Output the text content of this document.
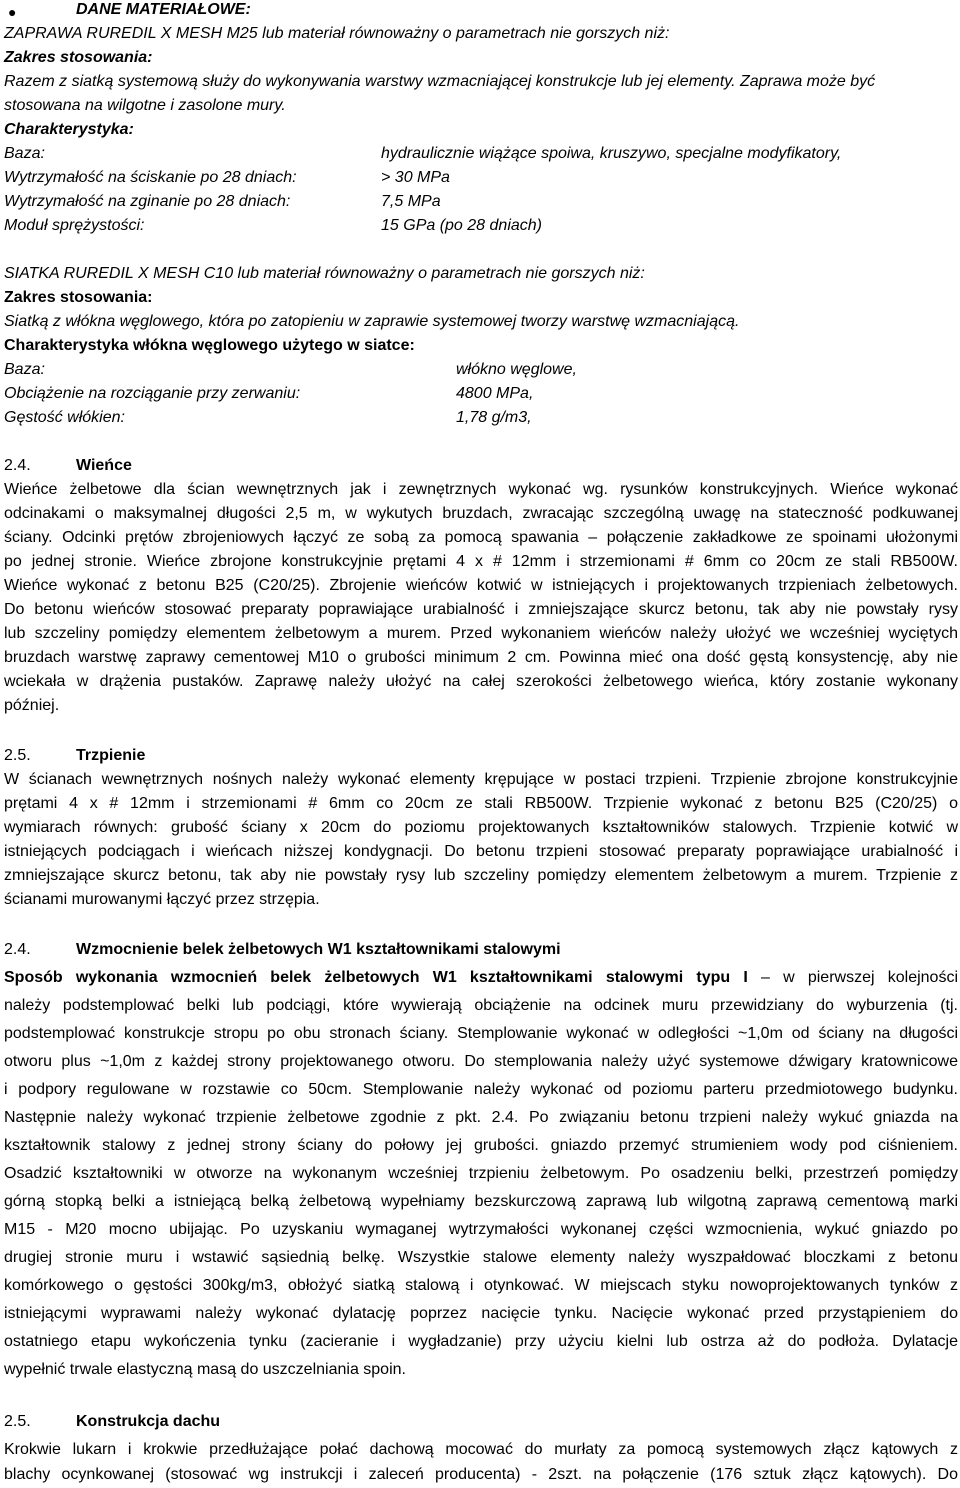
●	DANE MATERIAŁOWE:
ZAPRAWA RUREDIL X MESH M25 lub materiał równoważny o parametrach nie gorszych niż:
Zakres stosowania:
Razem z siatką systemową służy do wykonywania warstwy wzmacniającej konstrukcje lub jej elementy. Zaprawa może być
stosowana na wilgotne i zasolone mury.
Charakterystyka:
Baza:	hydraulicznie wiążące spoiwa, kruszywo, specjalne modyfikatory,
Wytrzymałość na ściskanie po 28 dniach:	> 30 MPa
Wytrzymałość na zginanie po 28 dniach:	7,5 MPa
Moduł sprężystości:	15 GPa (po 28 dniach)
SIATKA RUREDIL X MESH C10 lub materiał równoważny o parametrach nie gorszych niż:
Zakres stosowania:
Siatką z włókna węglowego, która po zatopieniu w zaprawie systemowej tworzy warstwę wzmacniającą.
Charakterystyka włókna węglowego użytego w siatce:
Baza:	włókno węglowe,
Obciążenie na rozciąganie przy zerwaniu:	4800 MPa,
Gęstość włókien:	1,78 g/m3,
2.4.	Wieńce
Wieńce żelbetowe dla ścian wewnętrznych jak i zewnętrznych wykonać wg. rysunków konstrukcyjnych. Wieńce wykonać
odcinakami o maksymalnej długości 2,5 m, w wykutych bruzdach, zwracając szczególną uwagę na stateczność podkuwanej
ściany. Odcinki prętów zbrojeniowych łączyć ze sobą za pomocą spawania – połączenie zakładkowe ze spoinami ułożonymi
po jednej stronie. Wieńce zbrojone konstrukcyjnie prętami 4 x # 12mm i strzemionami # 6mm co 20cm ze stali RB500W.
Wieńce wykonać z betonu B25 (C20/25). Zbrojenie wieńców kotwić w istniejących i projektowanych trzpieniach żelbetowych.
Do betonu wieńców stosować preparaty poprawiające urabialność i zmniejszające skurcz betonu, tak aby nie powstały rysy
lub szczeliny pomiędzy elementem żelbetowym a murem. Przed wykonaniem wieńców należy ułożyć we wcześniej wyciętych
bruzdach warstwę zaprawy cementowej M10 o grubości minimum 2 cm. Powinna mieć ona dość gęstą konsystencję, aby nie
wciekała w drążenia pustaków. Zaprawę należy ułożyć na całej szerokości żelbetowego wieńca, który zostanie wykonany
później.
2.5.	Trzpienie
W ścianach wewnętrznych nośnych należy wykonać elementy krępujące w postaci trzpieni. Trzpienie zbrojone konstrukcyjnie
prętami 4 x # 12mm i strzemionami # 6mm co 20cm ze stali RB500W. Trzpienie wykonać z betonu B25 (C20/25) o
wymiarach równych: grubość ściany x 20cm do poziomu projektowanych kształtowników stalowych. Trzpienie kotwić w
istniejących podciągach i wieńcach niższej kondygnacji. Do betonu trzpieni stosować preparaty poprawiające urabialność i
zmniejszające skurcz betonu, tak aby nie powstały rysy lub szczeliny pomiędzy elementem żelbetowym a murem. Trzpienie z
ścianami murowanymi łączyć przez strzępia.
2.4.	Wzmocnienie belek żelbetowych W1 kształtownikami stalowymi
Sposób wykonania wzmocnień belek żelbetowych W1 kształtownikami stalowymi typu I – w pierwszej kolejności
należy podstemplować belki lub podciągi, które wywierają obciążenie na odcinek muru przewidziany do wyburzenia (tj.
podstemplować konstrukcje stropu po obu stronach ściany. Stemplowanie wykonać w odległości ~1,0m od ściany na długości
otworu plus ~1,0m z każdej strony projektowanego otworu. Do stemplowania należy użyć systemowe dźwigary kratownicowe
i podpory regulowane w rozstawie co 50cm. Stemplowanie należy wykonać od poziomu parteru przedmiotowego budynku.
Następnie należy wykonać trzpienie żelbetowe zgodnie z pkt. 2.4. Po związaniu betonu trzpieni należy wykuć gniazda na
kształtownik stalowy z jednej strony ściany do połowy jej grubości. gniazdo przemyć strumieniem wody pod ciśnieniem.
Osadzić kształtowniki w otworze na wykonanym wcześniej trzpieniu żelbetowym. Po osadzeniu belki, przestrzeń pomiędzy
górną stopką belki a istniejącą belką żelbetową wypełniamy bezskurczową zaprawą lub wilgotną zaprawą cementową marki
M15 - M20 mocno ubijając. Po uzyskaniu wymaganej wytrzymałości wykonanej części wzmocnienia, wykuć gniazdo po
drugiej stronie muru i wstawić sąsiednią belkę. Wszystkie stalowe elementy należy wyszpałdować bloczkami z betonu
komórkowego o gęstości 300kg/m3, obłożyć siatką stalową i otynkować. W miejscach styku nowoprojektowanych tynków z
istniejącymi wyprawami należy wykonać dylatację poprzez nacięcie tynku. Nacięcie wykonać przed przystąpieniem do
ostatniego etapu wykończenia tynku (zacieranie i wygładzanie) przy użyciu kielni lub ostrza aż do podłoża. Dylatacje
wypełnić trwale elastyczną masą do uszczelniania spoin.
2.5.	Konstrukcja dachu
Krokwie lukarn i krokwie przedłużające połać dachową mocować do murłaty za pomocą systemowych złącz kątowych z
blachy ocynkowanej (stosować wg instrukcji i zaleceń producenta) - 2szt. na połączenie (176 sztuk złącz kątowych). Do
